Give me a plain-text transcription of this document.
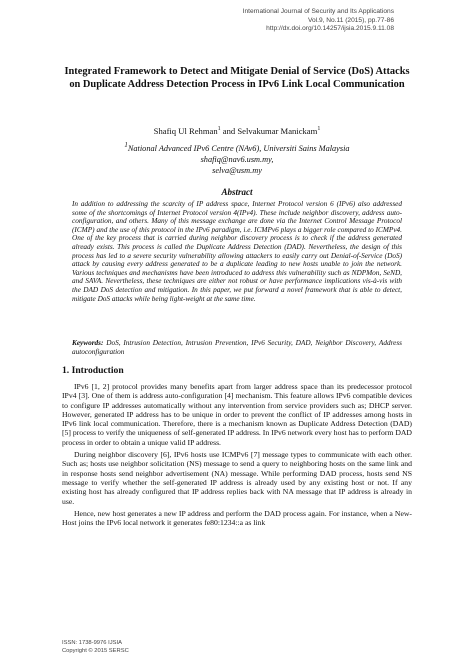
International Journal of Security and Its Applications
Vol.9, No.11 (2015), pp.77-86
http://dx.doi.org/10.14257/ijsia.2015.9.11.08
Integrated Framework to Detect and Mitigate Denial of Service (DoS) Attacks on Duplicate Address Detection Process in IPv6 Link Local Communication
Shafiq Ul Rehman$^1$ and Selvakumar Manickam$^1$
$^1$National Advanced IPv6 Centre (NAv6), Universiti Sains Malaysia
shafiq@nav6.usm.my,
selva@usm.my
Abstract
In addition to addressing the scarcity of IP address space, Internet Protocol version 6 (IPv6) also addressed some of the shortcomings of Internet Protocol version 4(IPv4). These include neighbor discovery, address auto-configuration, and others. Many of this message exchange are done via the Internet Control Message Protocol (ICMP) and the use of this protocol in the IPv6 paradigm, i.e. ICMPv6 plays a bigger role compared to ICMPv4. One of the key process that is carried during neighbor discovery process is to check if the address generated already exists. This process is called the Duplicate Address Detection (DAD). Nevertheless, the design of this process has led to a severe security vulnerability allowing attackers to easily carry out Denial-of-Service (DoS) attack by causing every address generated to be a duplicate leading to new hosts unable to join the network. Various techniques and mechanisms have been introduced to address this vulnerability such as NDPMon, SeND, and SAVA. Nevertheless, these techniques are either not robust or have performance implications vis-à-vis with the DAD DoS detection and mitigation. In this paper, we put forward a novel framework that is able to detect, mitigate DoS attacks while being light-weight at the same time.
Keywords: DoS, Intrusion Detection, Intrusion Prevention, IPv6 Security, DAD, Neighbor Discovery, Address autoconfiguration
1. Introduction

IPv6 [1, 2] protocol provides many benefits apart from larger address space than its predecessor protocol IPv4 [3]. One of them is address auto-configuration [4] mechanism. This feature allows IPv6 compatible devices to configure IP addresses automatically without any intervention from service providers such as; DHCP server. However, generated IP address has to be unique in order to prevent the conflict of IP addresses among hosts in IPv6 link local communication. Therefore, there is a mechanism known as Duplicate Address Detection (DAD) [5] process to verify the uniqueness of self-generated IP address. In IPv6 network every host has to perform DAD process in order to obtain a unique valid IP address.

During neighbor discovery [6], IPv6 hosts use ICMPv6 [7] message types to communicate with each other. Such as; hosts use neighbor solicitation (NS) message to send a query to neighboring hosts on the same link and in response hosts send neighbor advertisement (NA) message. While performing DAD process, hosts send NS message to verify whether the self-generated IP address is already used by any existing host or not. If any existing host has already configured that IP address replies back with NA message that IP address is already in use.

Hence, new host generates a new IP address and perform the DAD process again. For instance, when a New-Host joins the IPv6 local network it generates fe80:1234::a as link

ISSN: 1738-9976 IJSIA
Copyright © 2015 SERSC
